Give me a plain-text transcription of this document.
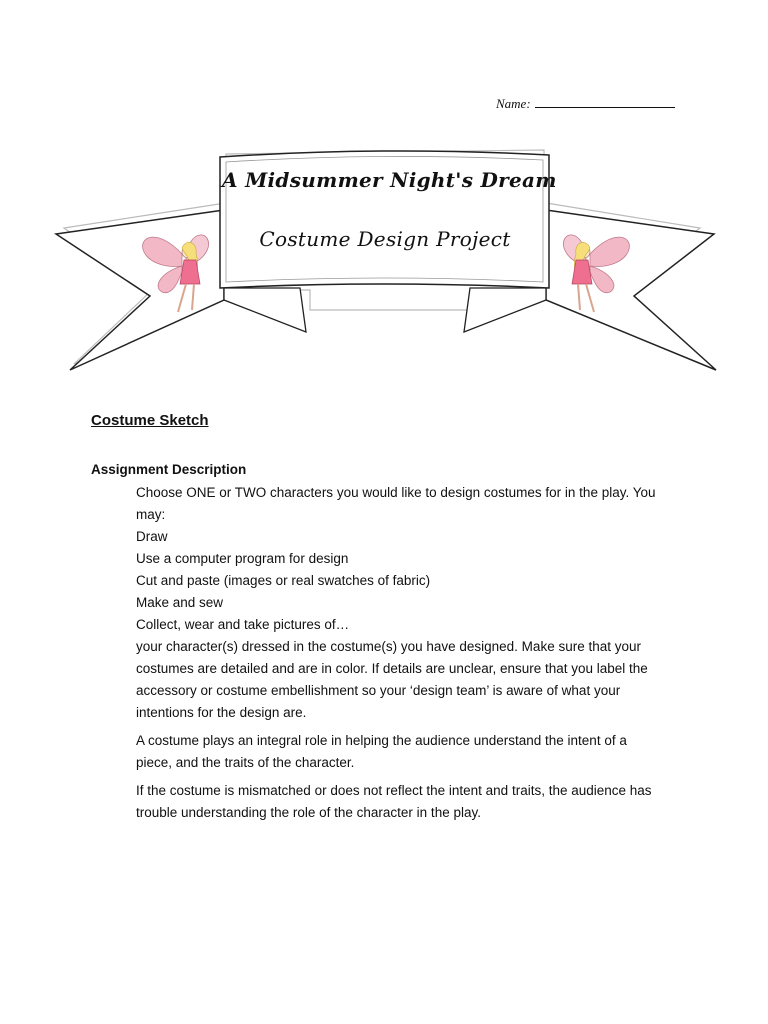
Name:
A Midsummer Night's Dream
Costume Design Project
Costume Sketch
Assignment Description
Choose ONE or TWO characters you would like to design costumes for in the play. You
may:
Draw
Use a computer program for design
Cut and paste (images or real swatches of fabric)
Make and sew
Collect, wear and take pictures of…
your character(s) dressed in the costume(s) you have designed. Make sure that your
costumes are detailed and are in color. If details are unclear, ensure that you label the
accessory or costume embellishment so your ‘design team’ is aware of what your
intentions for the design are.
A costume plays an integral role in helping the audience understand the intent of a
piece, and the traits of the character.
If the costume is mismatched or does not reflect the intent and traits, the audience has
trouble understanding the role of the character in the play.
